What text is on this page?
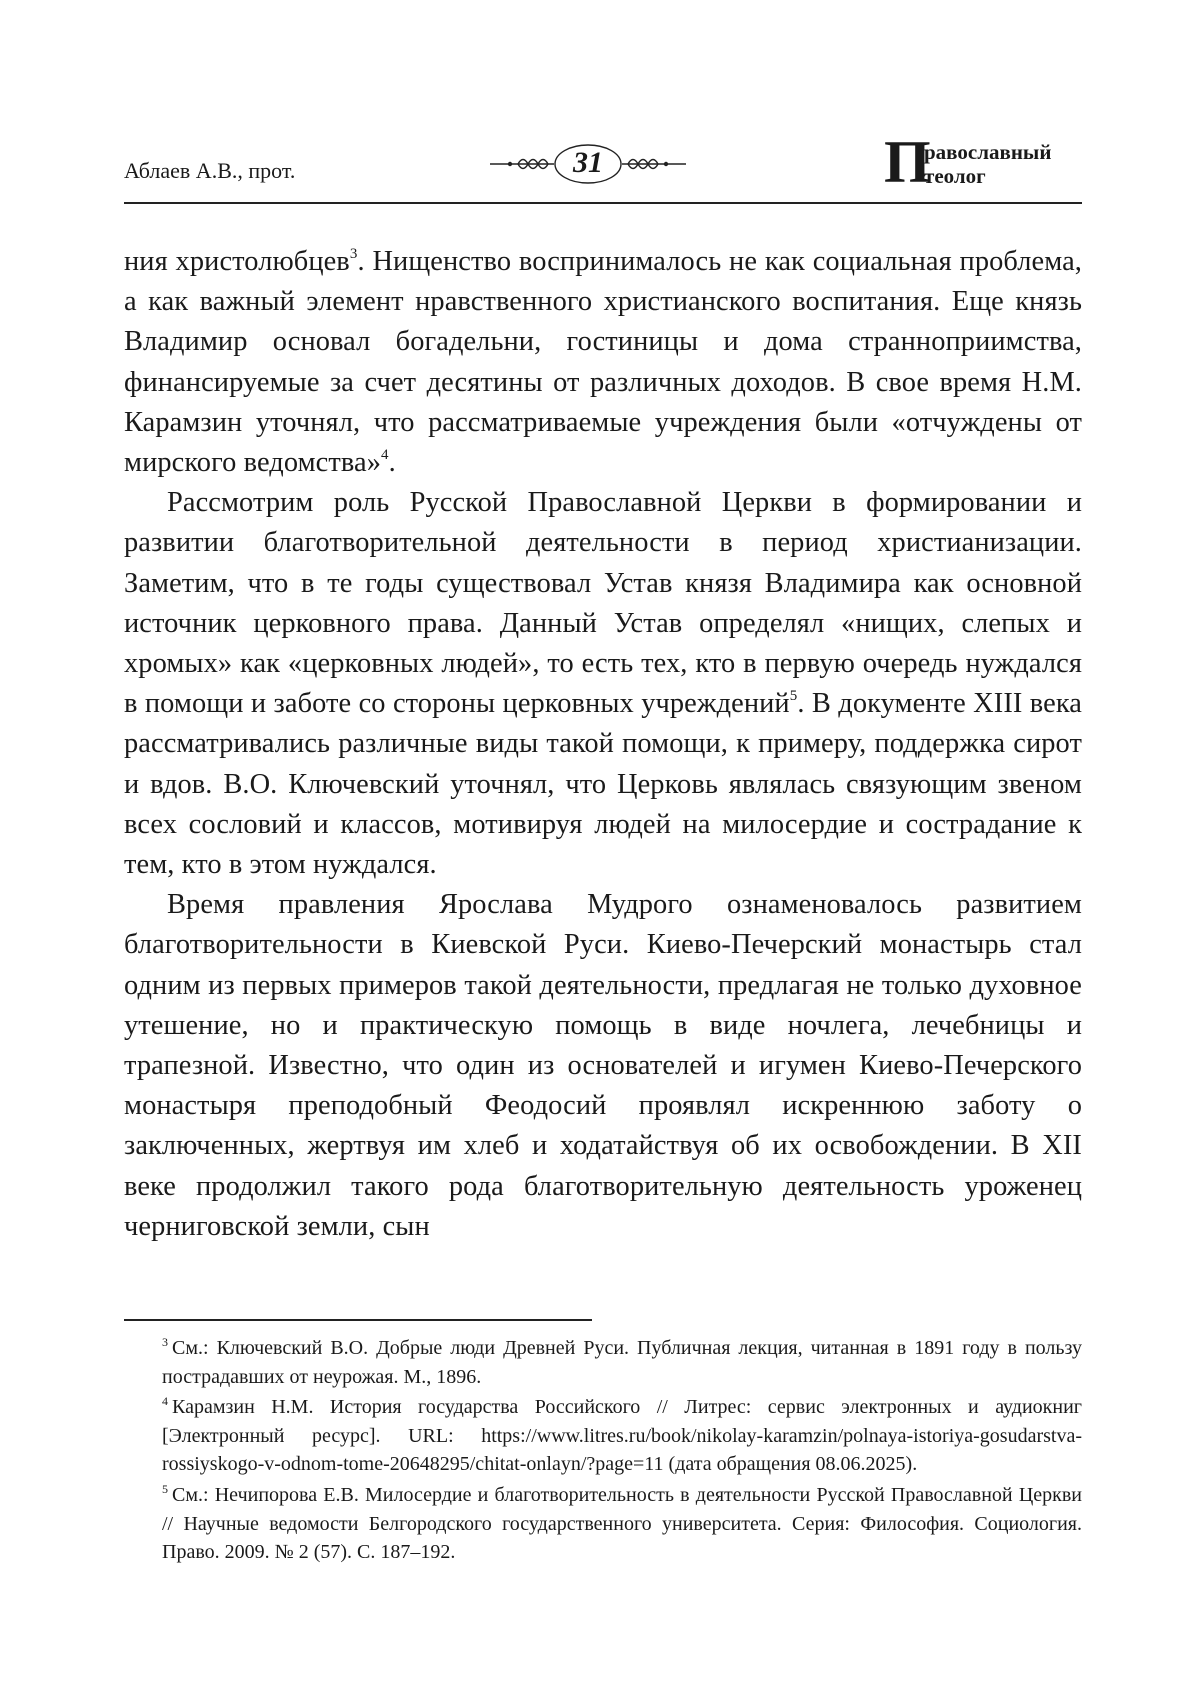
Аблаев А.В., прот.	31	П
равославный
теолог

ния христолюбцев$^3$. Нищенство воспринималось не как социальная проблема, а как важный элемент нравственного христианского воспитания. Еще князь Владимир основал богадельни, гостиницы и дома странноприимства, финансируемые за счет десятины от различных доходов. В свое время Н.М. Карамзин уточнял, что рассматриваемые учреждения были «отчуждены от мирского ведомства»$^4$.

Рассмотрим роль Русской Православной Церкви в формировании и развитии благотворительной деятельности в период христианизации. Заметим, что в те годы существовал Устав князя Владимира как основной источник церковного права. Данный Устав определял «нищих, слепых и хромых» как «церковных людей», то есть тех, кто в первую очередь нуждался в помощи и заботе со стороны церковных учреждений$^5$. В документе XIII века рассматривались различные виды такой помощи, к примеру, поддержка сирот и вдов. В.О. Ключевский уточнял, что Церковь являлась связующим звеном всех сословий и классов, мотивируя людей на милосердие и сострадание к тем, кто в этом нуждался.

Время правления Ярослава Мудрого ознаменовалось развитием благотворительности в Киевской Руси. Киево-Печерский монастырь стал одним из первых примеров такой деятельности, предлагая не только духовное утешение, но и практическую помощь в виде ночлега, лечебницы и трапезной. Известно, что один из основателей и игумен Киево-Печерского монастыря преподобный Феодосий проявлял искреннюю заботу о заключенных, жертвуя им хлеб и ходатайствуя об их освобождении. В XII веке продолжил такого рода благотворительную деятельность уроженец черниговской земли, сын

$^3$ См.: Ключевский В.О. Добрые люди Древней Руси. Публичная лекция, читанная в 1891 году в пользу пострадавших от неурожая. М., 1896.

$^4$ Карамзин Н.М. История государства Российского // Литрес: сервис электронных и аудиокниг [Электронный ресурс]. URL: https://www.litres.ru/book/nikolay-karamzin/polnaya-istoriya-gosudarstva-rossiyskogo-v-odnom-tome-20648295/chitat-onlayn/?page=11 (дата обращения 08.06.2025).

$^5$ См.: Нечипорова Е.В. Милосердие и благотворительность в деятельности Русской Православной Церкви // Научные ведомости Белгородского государственного университета. Серия: Философия. Социология. Право. 2009. № 2 (57). С. 187–192.
